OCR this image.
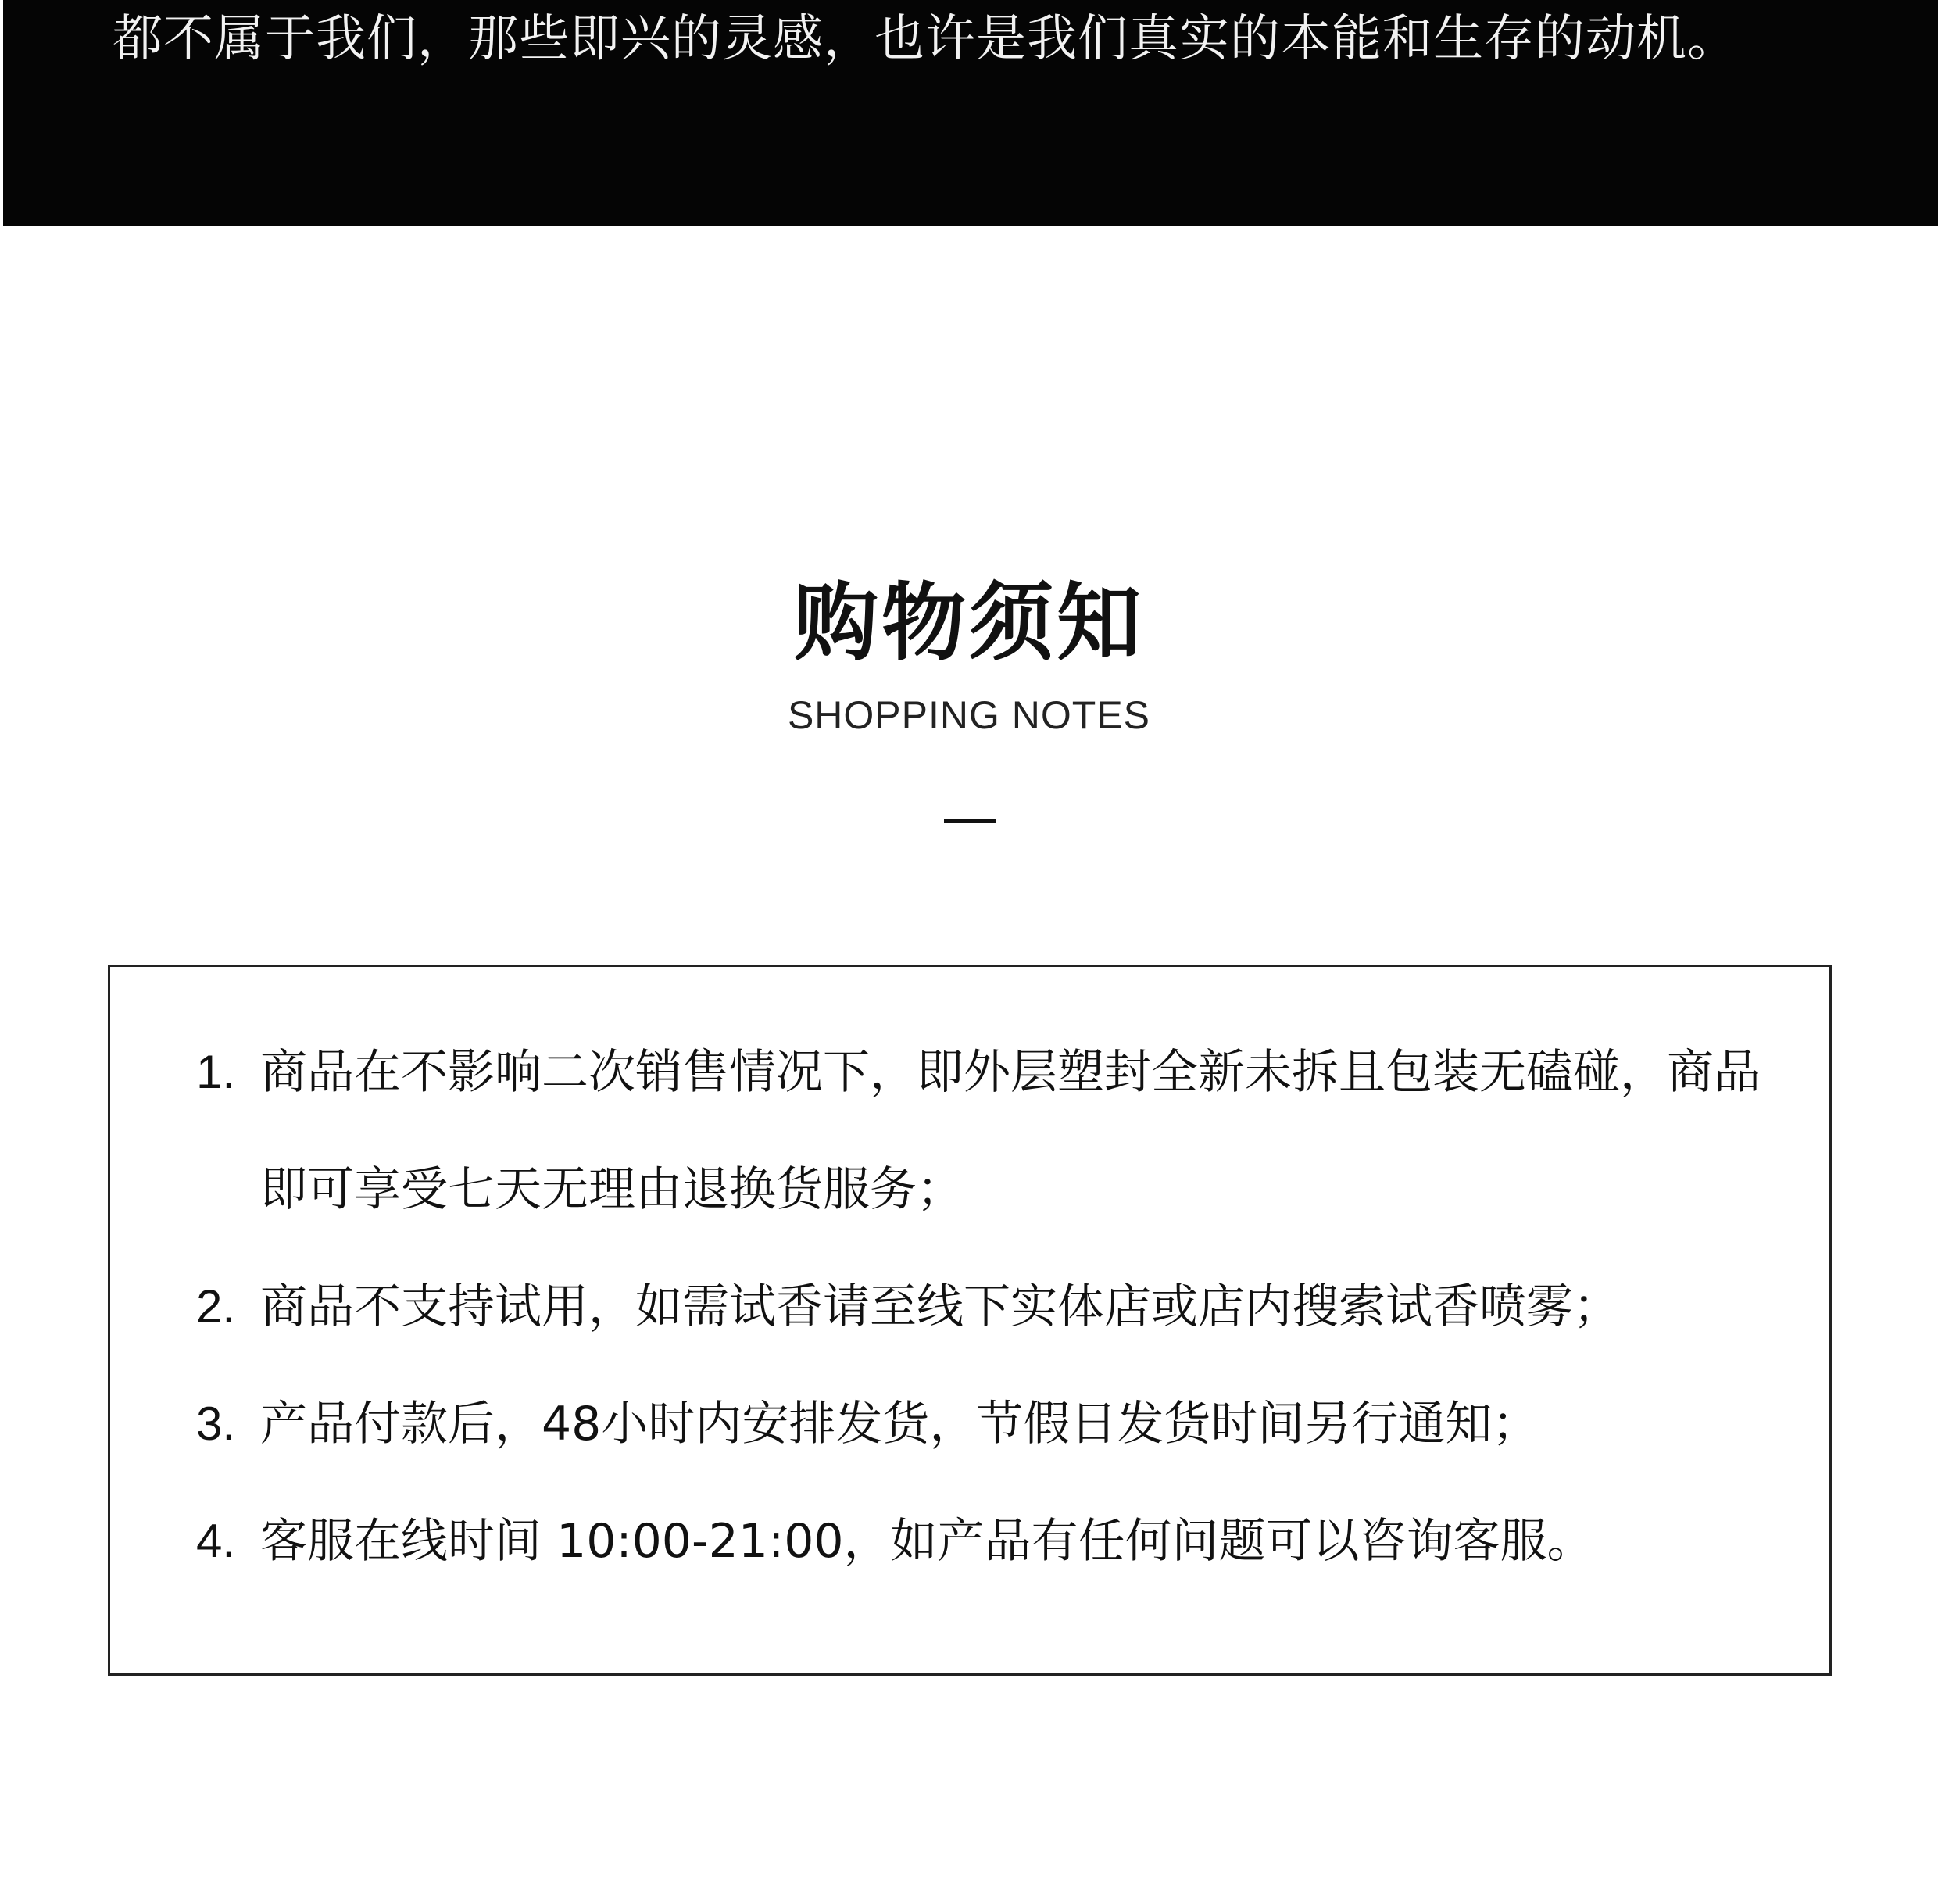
都不属于我们，那些即兴的灵感，也许是我们真实的本能和生存的动机。

购物须知

SHOPPING NOTES

1. 商品在不影响二次销售情况下，即外层塑封全新未拆且包装无磕碰，商品即可享受七天无理由退换货服务；
2. 商品不支持试用，如需试香请至线下实体店或店内搜索试香喷雾；
3. 产品付款后，48小时内安排发货，节假日发货时间另行通知；
4. 客服在线时间 10:00-21:00，如产品有任何问题可以咨询客服。
